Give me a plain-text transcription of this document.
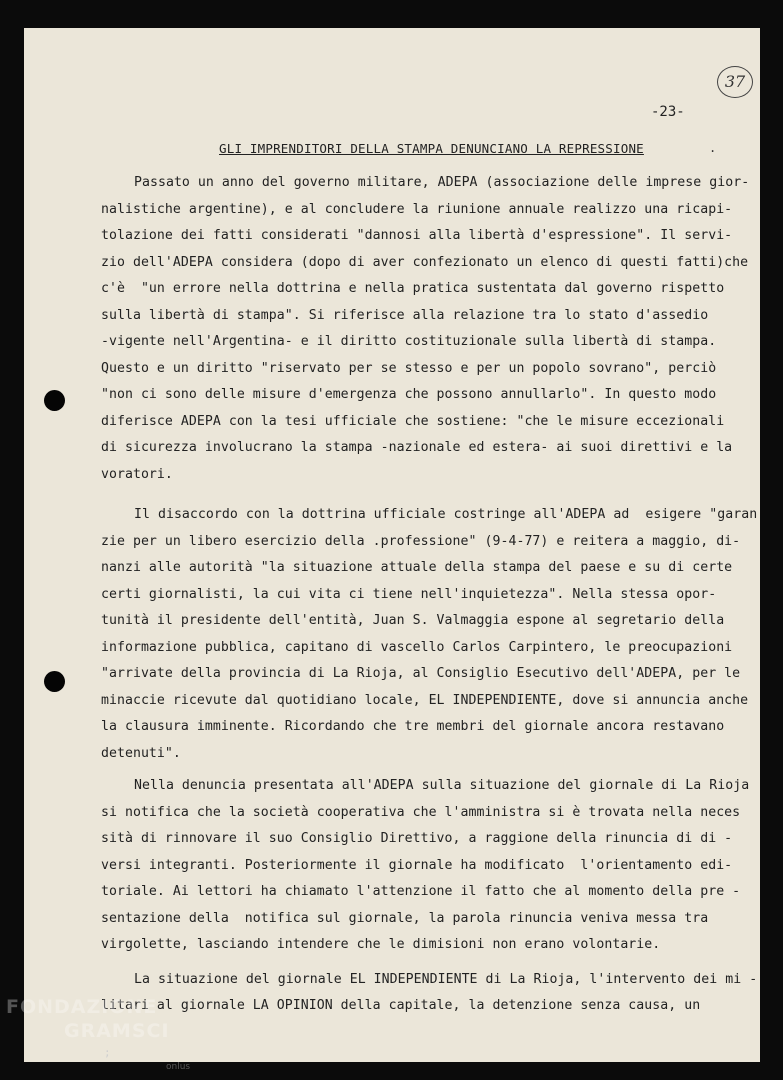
37
-23-
GLI IMPRENDITORI DELLA STAMPA DENUNCIANO LA REPRESSIONE	.
Passato un anno del governo militare, ADEPA (associazione delle imprese gior-
nalistiche argentine), e al concludere la riunione annuale realizzo una ricapi-
tolazione dei fatti considerati "dannosi alla libertà d'espressione". Il servi-
zio dell'ADEPA considera (dopo di aver confezionato un elenco di questi fatti)che
c'è  "un errore nella dottrina e nella pratica sustentata dal governo rispetto
sulla libertà di stampa". Si riferisce alla relazione tra lo stato d'assedio
-vigente nell'Argentina- e il diritto costituzionale sulla libertà di stampa.
Questo e un diritto "riservato per se stesso e per un popolo sovrano", perciò
"non ci sono delle misure d'emergenza che possono annullarlo". In questo modo
diferisce ADEPA con la tesi ufficiale che sostiene: "che le misure eccezionali
di sicurezza involucrano la stampa -nazionale ed estera- ai suoi direttivi e la
voratori.
Il disaccordo con la dottrina ufficiale costringe all'ADEPA ad  esigere "garan
zie per un libero esercizio della .professione" (9-4-77) e reitera a maggio, di-
nanzi alle autorità "la situazione attuale della stampa del paese e su di certe
certi giornalisti, la cui vita ci tiene nell'inquietezza". Nella stessa opor-
tunità il presidente dell'entità, Juan S. Valmaggia espone al segretario della
informazione pubblica, capitano di vascello Carlos Carpintero, le preocupazioni
"arrivate della provincia di La Rioja, al Consiglio Esecutivo dell'ADEPA, per le
minaccie ricevute dal quotidiano locale, EL INDEPENDIENTE, dove si annuncia anche
la clausura imminente. Ricordando che tre membri del giornale ancora restavano
detenuti".
Nella denuncia presentata all'ADEPA sulla situazione del giornale di La Rioja
si notifica che la società cooperativa che l'amministra si è trovata nella neces
sità di rinnovare il suo Consiglio Direttivo, a raggione della rinuncia di di -
versi integranti. Posteriormente il giornale ha modificato  l'orientamento edi-
toriale. Ai lettori ha chiamato l'attenzione il fatto che al momento della pre -
sentazione della  notifica sul giornale, la parola rinuncia veniva messa tra
virgolette, lasciando intendere che le dimisioni non erano volontarie.
La situazione del giornale EL INDEPENDIENTE di La Rioja, l'intervento dei mi -
litari al giornale LA OPINION della capitale, la detenzione senza causa, un
FONDAZIONE
GRAMSCI
onlus
;
